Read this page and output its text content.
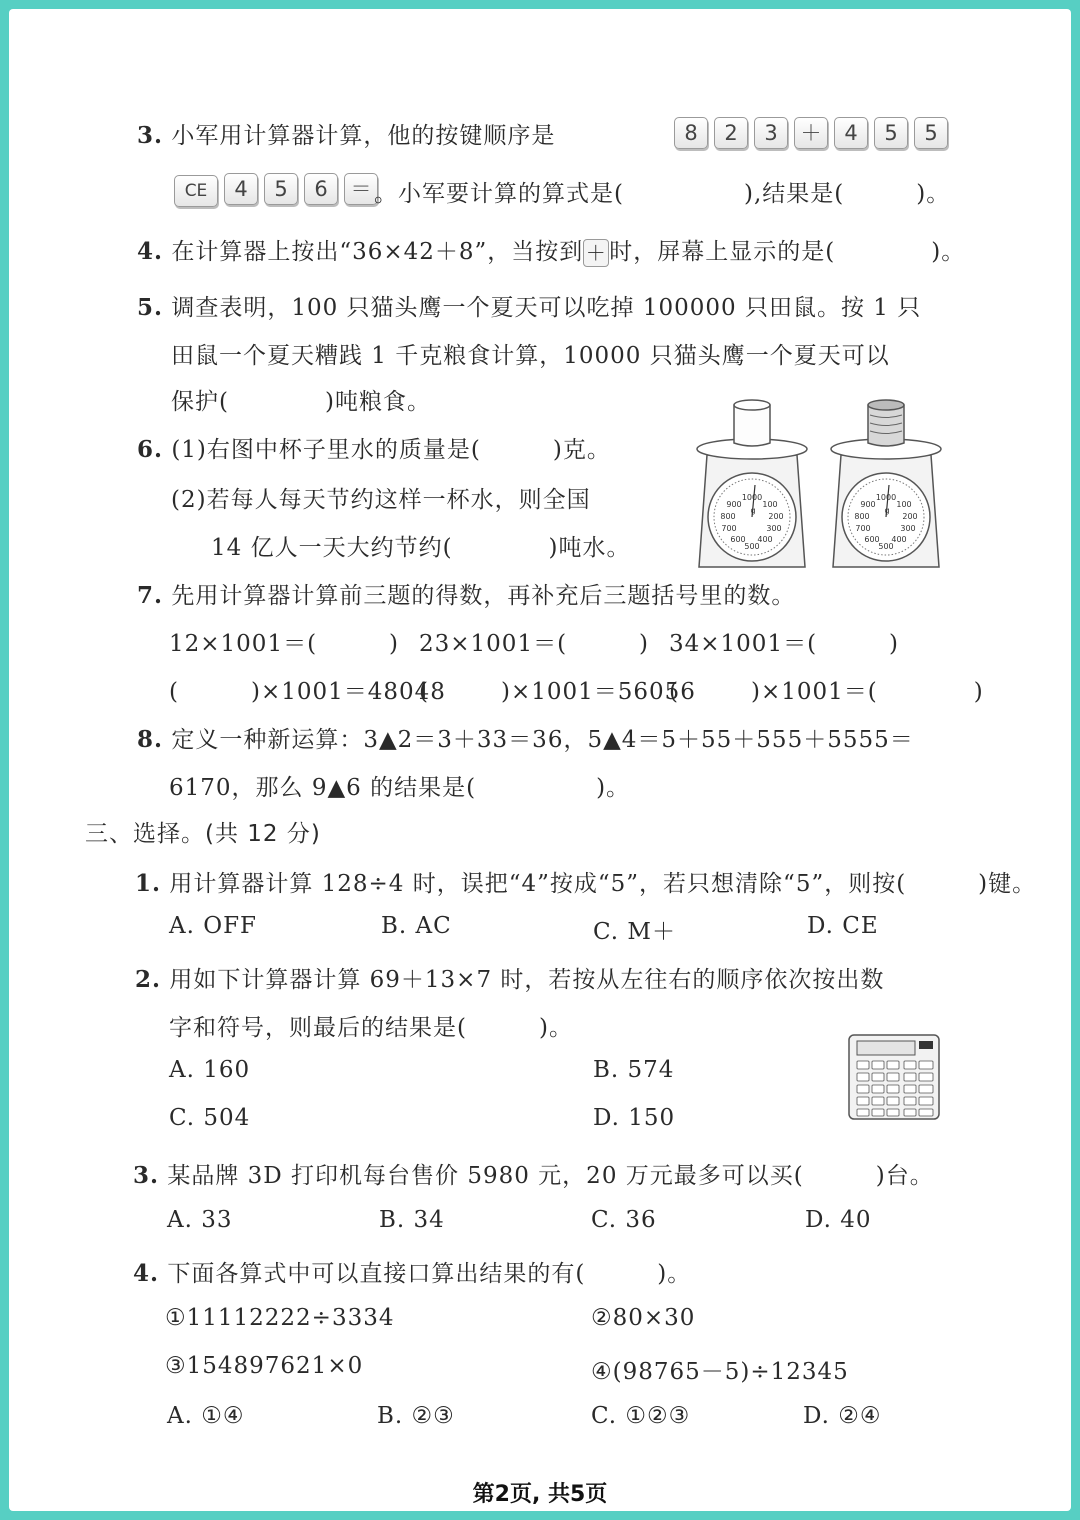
3. 小军用计算器计算，他的按键顺序是	8 2 3 ＋ 4 5 5
CE 4 5 6 ＝ 。小军要计算的算式是(　　　　　),结果是(　　　)。
4. 在计算器上按出“36×42＋8”，当按到 ＋ 时，屏幕上显示的是(　　　　)。
5. 调查表明，100 只猫头鹰一个夏天可以吃掉 100000 只田鼠。按 1 只
田鼠一个夏天糟践 1 千克粮食计算，10000 只猫头鹰一个夏天可以
保护(　　　　)吨粮食。
6. (1)右图中杯子里水的质量是(　　　)克。
(2)若每人每天节约这样一杯水，则全国
14 亿人一天大约节约(　　　　)吨水。
1000
100
200
300
400
500
600
700
800
900
g
1000
100
200
300
400
500
600
700
800
900
g
7. 先用计算器计算前三题的得数，再补充后三题括号里的数。
12×1001＝(　　　) 23×1001＝(　　　) 34×1001＝(　　　)
(　　　)×1001＝48048
(　　　)×1001＝56056
(　　　)×1001＝(　　　　)
8. 定义一种新运算：3▲2＝3＋33＝36，5▲4＝5＋55＋555＋5555＝
6170，那么 9▲6 的结果是(　　　　　)。
三、选择。(共 12 分)
1. 用计算器计算 128÷4 时，误把“4”按成“5”，若只想清除“5”，则按(　　　)键。
A. OFF	B. AC	C. M＋	D. CE
2. 用如下计算器计算 69＋13×7 时，若按从左往右的顺序依次按出数
字和符号，则最后的结果是(　　　)。
A. 160	B. 574
C. 504	D. 150
3. 某品牌 3D 打印机每台售价 5980 元，20 万元最多可以买(　　　)台。
A. 33	B. 34	C. 36	D. 40
4. 下面各算式中可以直接口算出结果的有(　　　)。
①11112222÷3334	②80×30
③154897621×0	④(98765－5)÷12345
A. ①④	B. ②③	C. ①②③	D. ②④
第2页, 共5页
